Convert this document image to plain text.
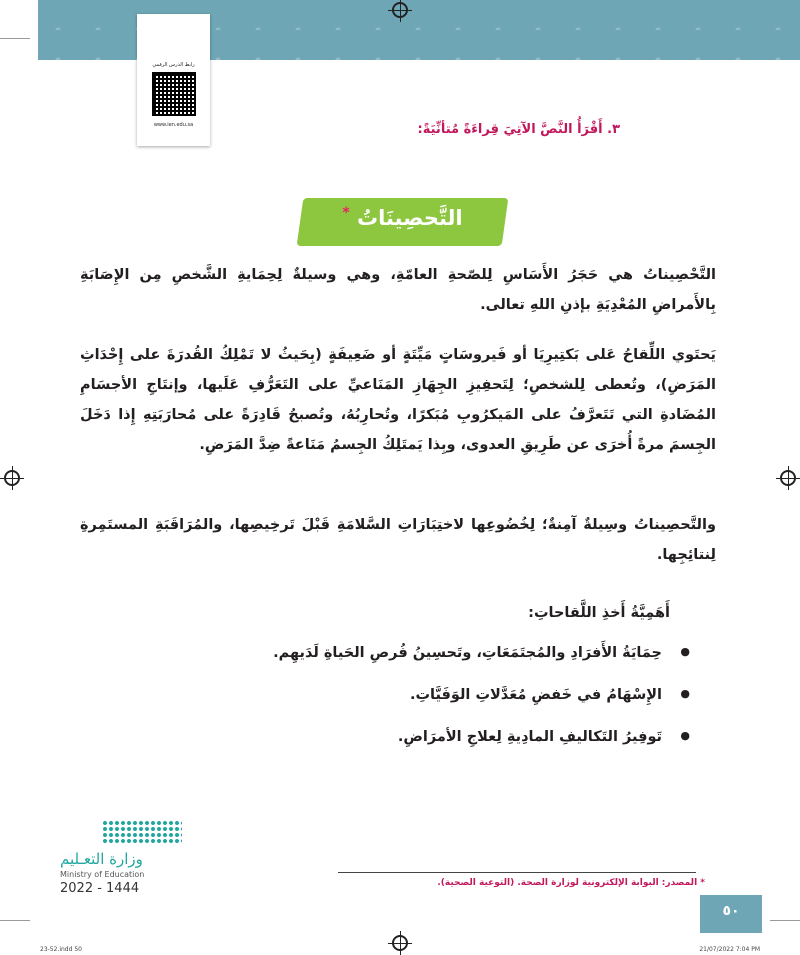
رابط الدرس الرقمي
www.ien.edu.sa	٣. أَقْرَأُ النَّصَّ الآتِيَ قِراءَةً مُتأنِّيَةً:
التَّحصِينَاتُ *
التَّحْصِيناتُ هي حَجَرُ الأَسَاسِ لِلصّحةِ العامّةِ، وهي وسيلةٌ لِحِمَايةِ الشَّخصِ مِن الإِصَابَةِ بِالأَمراضِ المُعْدِيَةِ بإذنِ اللهِ تعالى.
يَحتَوي اللِّقاحُ عَلى بَكتِيرِيَا أو فَيروسَاتٍ مَيِّتَةٍ أو ضَعِيفَةٍ (بِحَيثُ لا تَمْلِكُ القُدرَةَ على إِحْدَاثِ المَرَضِ)، وتُعطى لِلشخصِ؛ لِتَحفِيزِ الجِهَازِ المَنَاعيِّ على التَعَرُّفِ عَلَيها، وإنتَاجِ الأجسَامِ المُضَادةِ التي تَتَعرَّفُ على المَيكرُوبِ مُبَكرًا، وتُحارِبُهُ، وتُصبحُ قَادِرَةً على مُحارَبَتِهِ إِذا دَخَلَ الجِسمَ مرةً أُخرَى عن طَرِيقِ العدوى، وبِذا يَمتَلِكُ الجِسمُ مَنَاعةً ضِدَّ المَرَضِ.
والتَّحصِيناتُ وسِيلةٌ آمِنةٌ؛ لِخُضُوعِها لاختِبَارَاتِ السَّلامَةِ قَبْلَ تَرخِيصِها، والمُرَاقَبَةِ المستَمِرةِ لِنتائِجِها.
أَهَمِيَّةُ أَخذِ اللَّقاحاتِ:
● حِمَايَةُ الأَفرَادِ والمُجتَمَعَاتِ، وتَحسِينُ فُرصِ الحَياةِ لَدَيهِم.
● الإِسْهَامُ في خَفضِ مُعَدَّلاتِ الوَفَيَّاتِ.
● تَوفِيرُ التَكاليفِ المادِيةِ لِعلاجِ الأمرَاضِ.
وزارة التعـليم
Ministry of Education
2022 - 1444	* المصدر: البوابة الإلكترونية لوزارة الصحة. (التوعية الصحية).
٥٠
23-52.indd 50	21/07/2022 7:04 PM
